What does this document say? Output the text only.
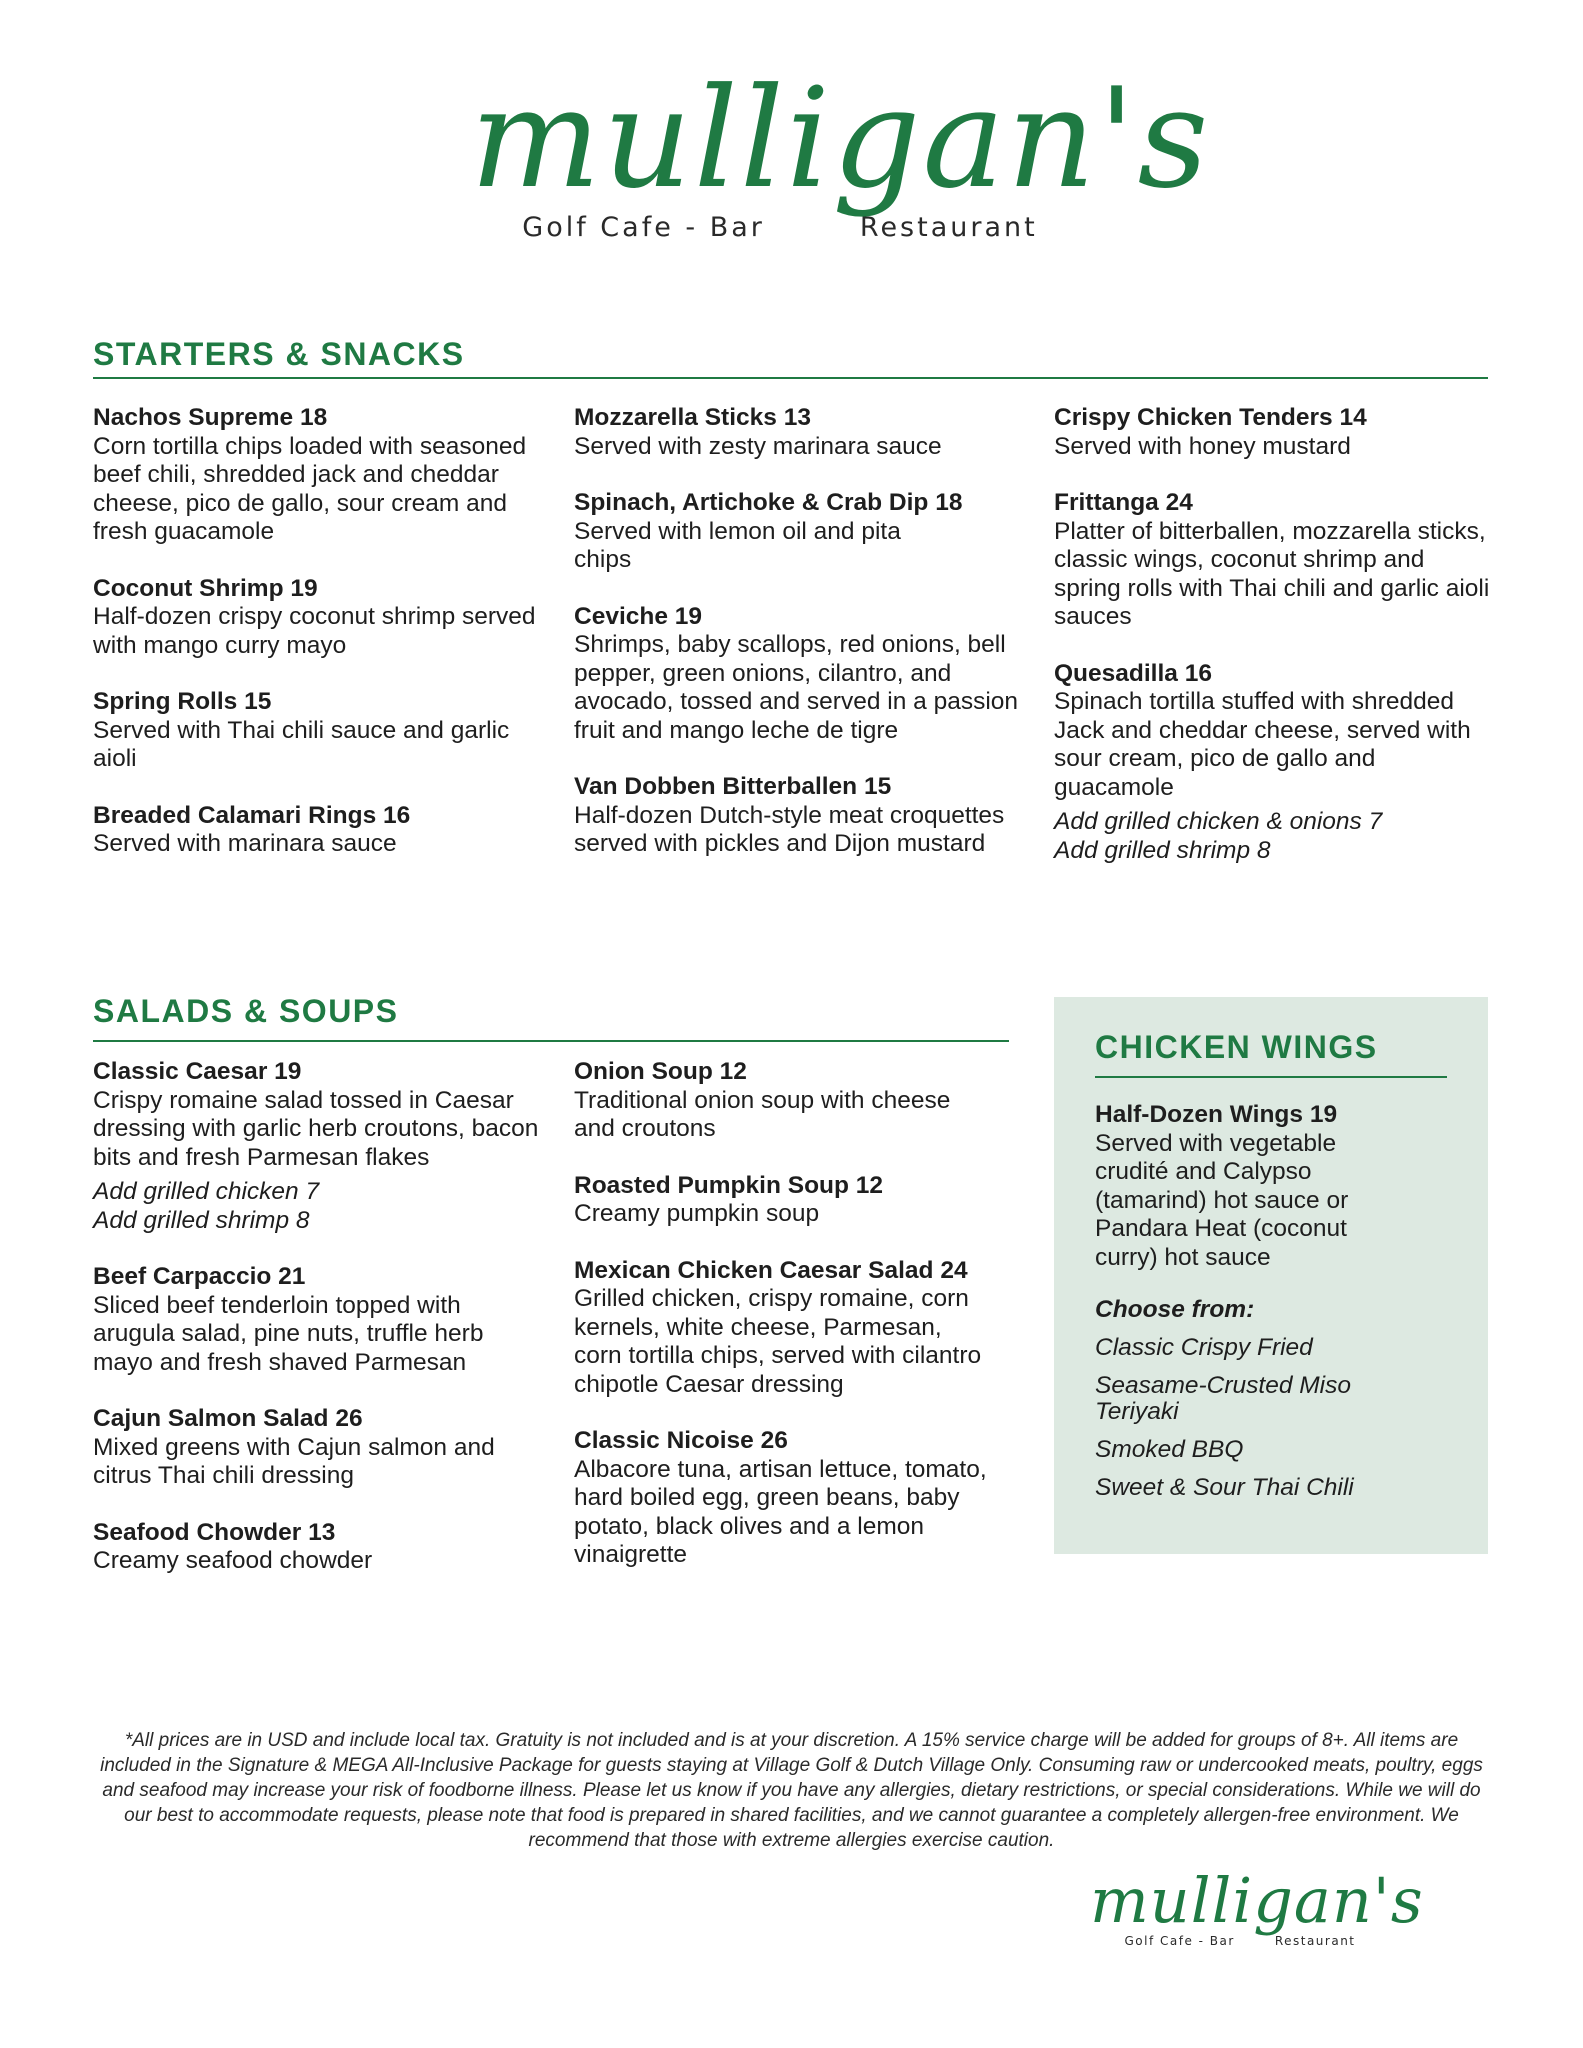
mulligan's
Golf Cafe - Bar	Restaurant
STARTERS & SNACKS
Nachos Supreme 18
Corn tortilla chips loaded with seasoned beef chili, shredded jack and cheddar cheese, pico de gallo, sour cream and fresh guacamole
Coconut Shrimp 19
Half-dozen crispy coconut shrimp served with mango curry mayo
Spring Rolls 15
Served with Thai chili sauce and garlic aioli
Breaded Calamari Rings 16
Served with marinara sauce
Mozzarella Sticks 13
Served with zesty marinara sauce
Spinach, Artichoke & Crab Dip 18
Served with lemon oil and pita chips
Ceviche 19
Shrimps, baby scallops, red onions, bell pepper, green onions, cilantro, and avocado, tossed and served in a passion fruit and mango leche de tigre
Van Dobben Bitterballen 15
Half-dozen Dutch-style meat croquettes served with pickles and Dijon mustard
Crispy Chicken Tenders 14
Served with honey mustard
Frittanga 24
Platter of bitterballen, mozzarella sticks, classic wings, coconut shrimp and spring rolls with Thai chili and garlic aioli sauces
Quesadilla 16
Spinach tortilla stuffed with shredded Jack and cheddar cheese, served with sour cream, pico de gallo and guacamole
Add grilled chicken & onions 7
Add grilled shrimp 8
SALADS & SOUPS
Classic Caesar 19
Crispy romaine salad tossed in Caesar dressing with garlic herb croutons, bacon bits and fresh Parmesan flakes
Add grilled chicken 7
Add grilled shrimp 8
Beef Carpaccio 21
Sliced beef tenderloin topped with arugula salad, pine nuts, truffle herb mayo and fresh shaved Parmesan
Cajun Salmon Salad 26
Mixed greens with Cajun salmon and citrus Thai chili dressing
Seafood Chowder 13
Creamy seafood chowder
Onion Soup 12
Traditional onion soup with cheese and croutons
Roasted Pumpkin Soup 12
Creamy pumpkin soup
Mexican Chicken Caesar Salad 24
Grilled chicken, crispy romaine, corn kernels, white cheese, Parmesan, corn tortilla chips, served with cilantro chipotle Caesar dressing
Classic Nicoise 26
Albacore tuna, artisan lettuce, tomato, hard boiled egg, green beans, baby potato, black olives and a lemon vinaigrette
CHICKEN WINGS
Half-Dozen Wings 19
Served with vegetable crudité and Calypso (tamarind) hot sauce or Pandara Heat (coconut curry) hot sauce
Choose from:
Classic Crispy Fried
Seasame-Crusted Miso Teriyaki
Smoked BBQ
Sweet & Sour Thai Chili
*All prices are in USD and include local tax. Gratuity is not included and is at your discretion. A 15% service charge will be added for groups of 8+. All items are included in the Signature & MEGA All-Inclusive Package for guests staying at Village Golf & Dutch Village Only. Consuming raw or undercooked meats, poultry, eggs and seafood may increase your risk of foodborne illness. Please let us know if you have any allergies, dietary restrictions, or special considerations. While we will do our best to accommodate requests, please note that food is prepared in shared facilities, and we cannot guarantee a completely allergen-free environment. We recommend that those with extreme allergies exercise caution.
mulligan's
Golf Cafe - Bar	Restaurant
